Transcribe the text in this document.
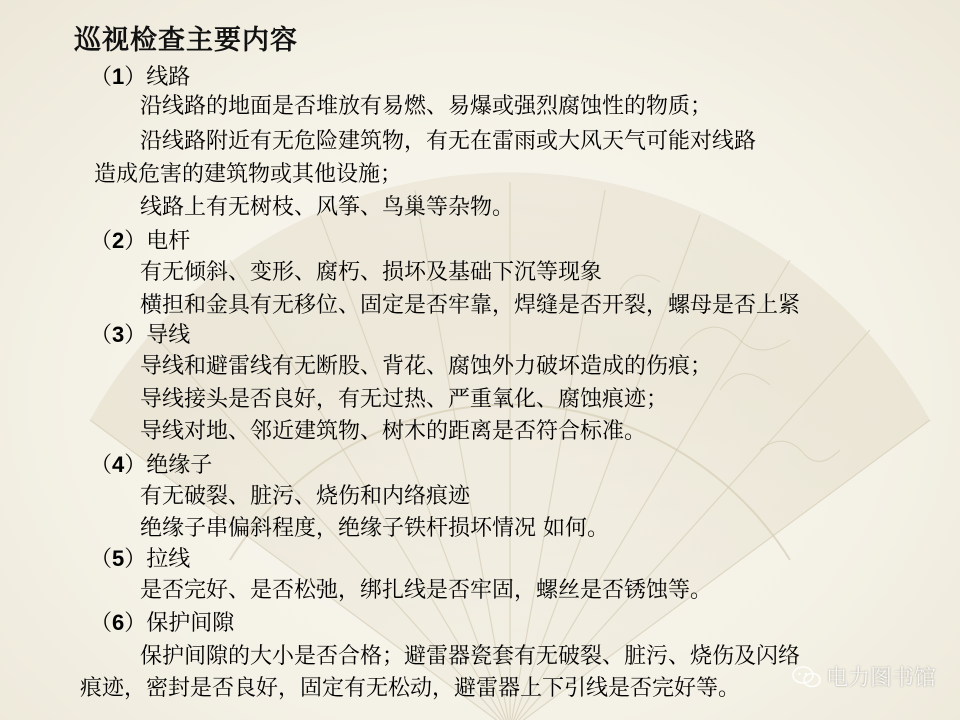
巡视检查主要内容
（1）线路
沿线路的地面是否堆放有易燃、易爆或强烈腐蚀性的物质；
沿线路附近有无危险建筑物，有无在雷雨或大风天气可能对线路
造成危害的建筑物或其他设施；
线路上有无树枝、风筝、鸟巢等杂物。
（2）电杆
有无倾斜、变形、腐朽、损坏及基础下沉等现象
横担和金具有无移位、固定是否牢靠，焊缝是否开裂，螺母是否上紧
（3）导线
导线和避雷线有无断股、背花、腐蚀外力破坏造成的伤痕；
导线接头是否良好，有无过热、严重氧化、腐蚀痕迹；
导线对地、邻近建筑物、树木的距离是否符合标准。
（4）绝缘子
有无破裂、脏污、烧伤和内络痕迹
绝缘子串偏斜程度，绝缘子铁杆损坏情况 如何。
（5）拉线
是否完好、是否松弛，绑扎线是否牢固，螺丝是否锈蚀等。
（6）保护间隙
保护间隙的大小是否合格；避雷器瓷套有无破裂、脏污、烧伤及闪络
痕迹，密封是否良好，固定有无松动，避雷器上下引线是否完好等。	电力图书馆
